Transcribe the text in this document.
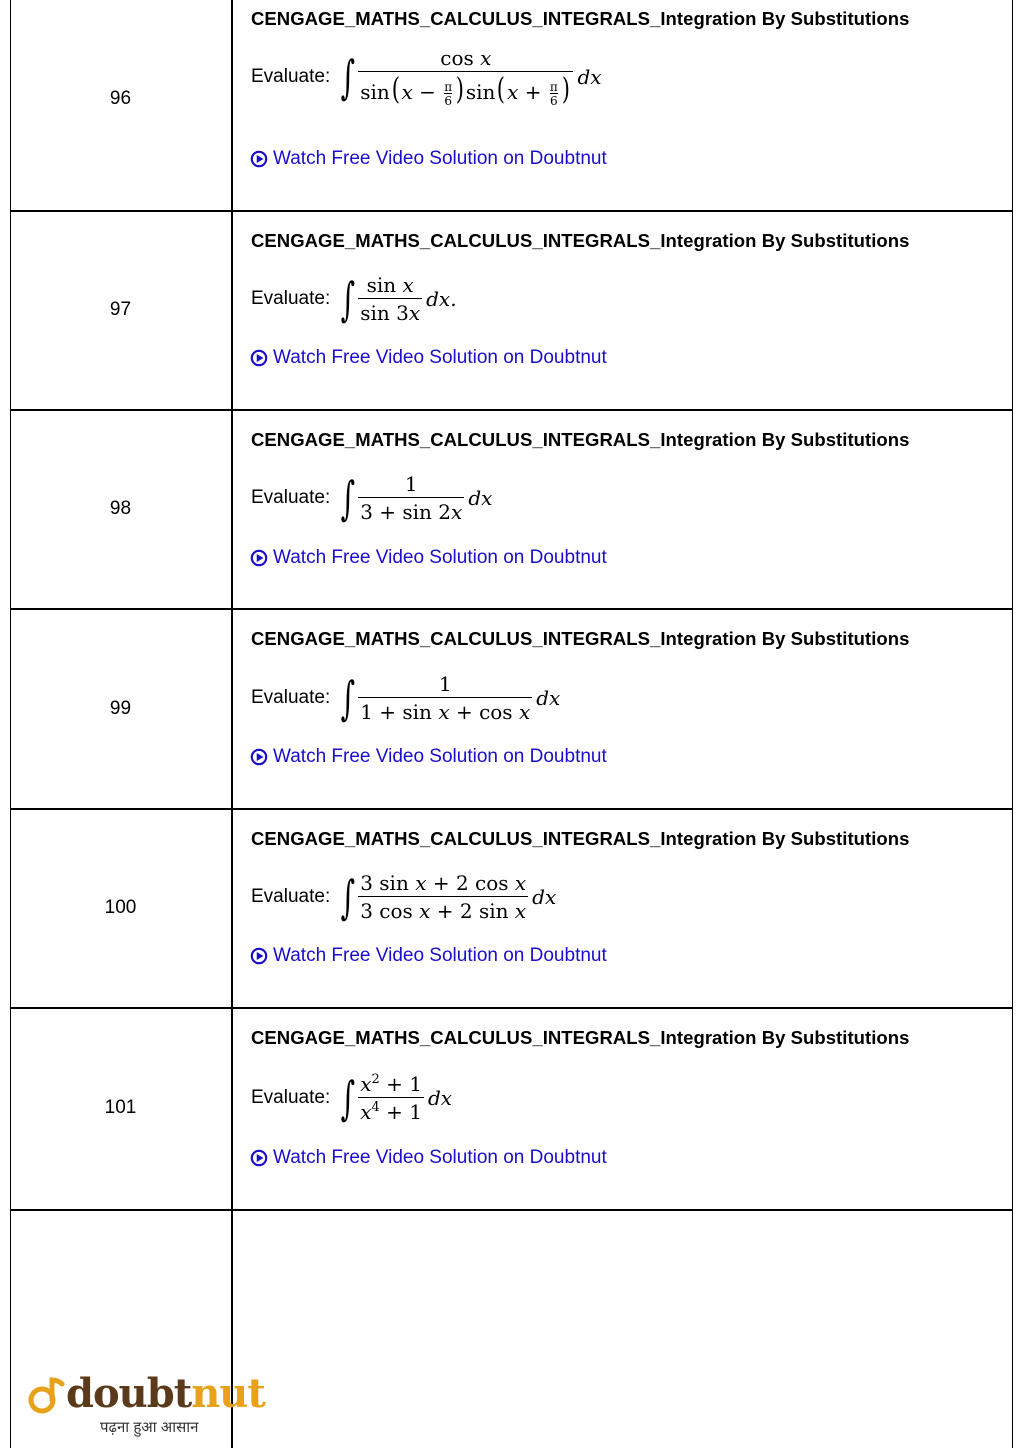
96
CENGAGE_MATHS_CALCULUS_INTEGRALS_Integration By Substitutions
Evaluate: ∫ $\frac{\text{cos x}}{\sin(x - \frac{\pi}{6} )\sin(x + \frac{\pi}{6} )}$ dx
Watch Free Video Solution on Doubtnut
97
CENGAGE_MATHS_CALCULUS_INTEGRALS_Integration By Substitutions
Evaluate: ∫ $\frac{\text{sin x}}{\sin 3x}$ dx.
Watch Free Video Solution on Doubtnut
98
CENGAGE_MATHS_CALCULUS_INTEGRALS_Integration By Substitutions
Evaluate: ∫ $\frac{1}{3 + \sin 2x}$ dx
Watch Free Video Solution on Doubtnut
99
CENGAGE_MATHS_CALCULUS_INTEGRALS_Integration By Substitutions
Evaluate: ∫ $\frac{1}{\text{1 + sin x + cos x}}$ dx
Watch Free Video Solution on Doubtnut
100
CENGAGE_MATHS_CALCULUS_INTEGRALS_Integration By Substitutions
Evaluate: ∫ $\frac{\text{3 sin x + 2 cos x}}{\text{3 cos x + 2 sin x}}$ dx
Watch Free Video Solution on Doubtnut
101
CENGAGE_MATHS_CALCULUS_INTEGRALS_Integration By Substitutions
Evaluate: ∫ $\frac{x^2 + 1}{x^4 + 1}$ dx
Watch Free Video Solution on Doubtnut
doubtnut
पढ़ना हुआ आसान
